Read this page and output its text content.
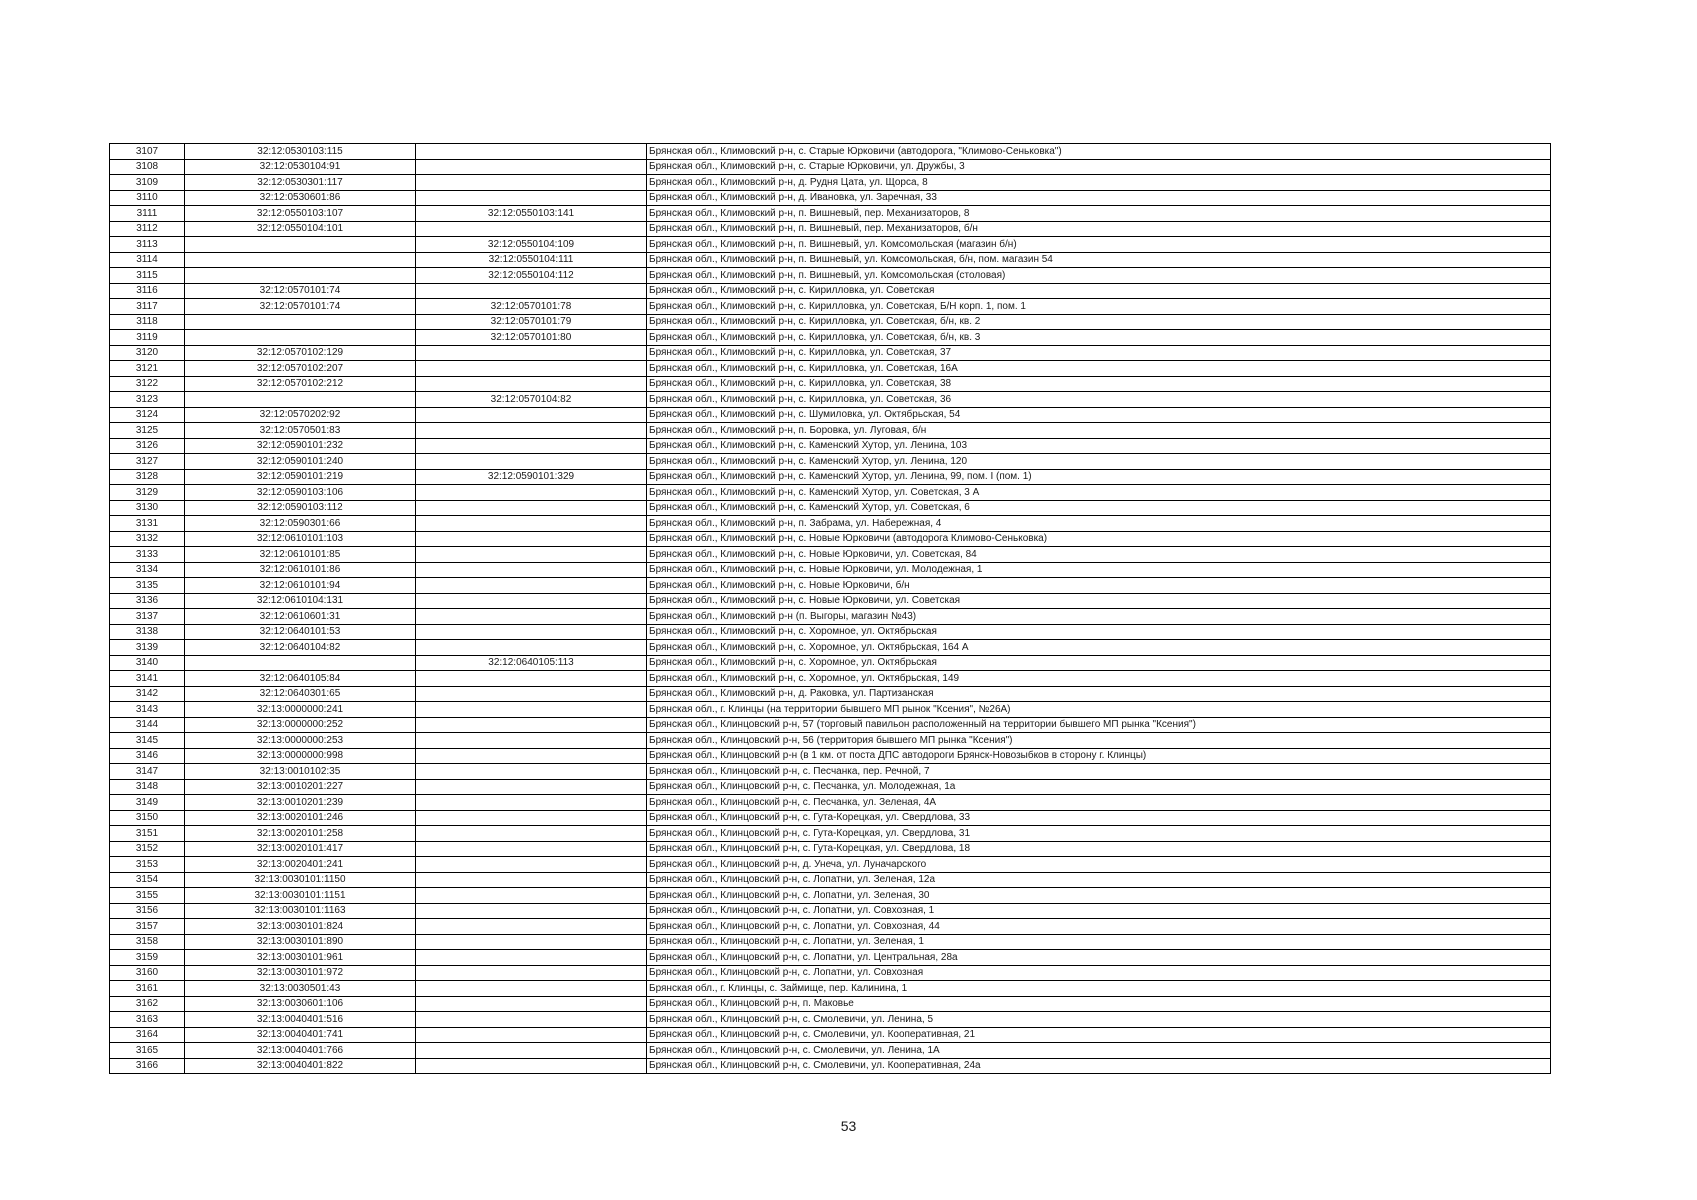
3107	32:12:0530103:115		Брянская обл., Климовский р-н, с. Старые Юрковичи (автодорога, "Климово-Сеньковка")
3108	32:12:0530104:91		Брянская обл., Климовский р-н, с. Старые Юрковичи, ул. Дружбы, 3
3109	32:12:0530301:117		Брянская обл., Климовский р-н, д. Рудня Цата, ул. Щорса, 8
3110	32:12:0530601:86		Брянская обл., Климовский р-н, д. Ивановка, ул. Заречная, 33
3111	32:12:0550103:107	32:12:0550103:141	Брянская обл., Климовский р-н, п. Вишневый, пер. Механизаторов, 8
3112	32:12:0550104:101		Брянская обл., Климовский р-н, п. Вишневый, пер. Механизаторов, б/н
3113		32:12:0550104:109	Брянская обл., Климовский р-н, п. Вишневый, ул. Комсомольская (магазин б/н)
3114		32:12:0550104:111	Брянская обл., Климовский р-н, п. Вишневый, ул. Комсомольская, б/н, пом. магазин 54
3115		32:12:0550104:112	Брянская обл., Климовский р-н, п. Вишневый, ул. Комсомольская (столовая)
3116	32:12:0570101:74		Брянская обл., Климовский р-н, с. Кирилловка, ул. Советская
3117	32:12:0570101:74	32:12:0570101:78	Брянская обл., Климовский р-н, с. Кирилловка, ул. Советская, Б/Н корп. 1, пом. 1
3118		32:12:0570101:79	Брянская обл., Климовский р-н, с. Кирилловка, ул. Советская, б/н, кв. 2
3119		32:12:0570101:80	Брянская обл., Климовский р-н, с. Кирилловка, ул. Советская, б/н, кв. 3
3120	32:12:0570102:129		Брянская обл., Климовский р-н, с. Кирилловка, ул. Советская, 37
3121	32:12:0570102:207		Брянская обл., Климовский р-н, с. Кирилловка, ул. Советская, 16А
3122	32:12:0570102:212		Брянская обл., Климовский р-н, с. Кирилловка, ул. Советская, 38
3123		32:12:0570104:82	Брянская обл., Климовский р-н, с. Кирилловка, ул. Советская, 36
3124	32:12:0570202:92		Брянская обл., Климовский р-н, с. Шумиловка, ул. Октябрьская, 54
3125	32:12:0570501:83		Брянская обл., Климовский р-н, п. Боровка, ул. Луговая, б/н
3126	32:12:0590101:232		Брянская обл., Климовский р-н, с. Каменский Хутор, ул. Ленина, 103
3127	32:12:0590101:240		Брянская обл., Климовский р-н, с. Каменский Хутор, ул. Ленина, 120
3128	32:12:0590101:219	32:12:0590101:329	Брянская обл., Климовский р-н, с. Каменский Хутор, ул. Ленина, 99, пом. I (пом. 1)
3129	32:12:0590103:106		Брянская обл., Климовский р-н, с. Каменский Хутор, ул. Советская, 3 А
3130	32:12:0590103:112		Брянская обл., Климовский р-н, с. Каменский Хутор, ул. Советская, 6
3131	32:12:0590301:66		Брянская обл., Климовский р-н, п. Забрама, ул. Набережная, 4
3132	32:12:0610101:103		Брянская обл., Климовский р-н, с. Новые Юрковичи (автодорога Климово-Сеньковка)
3133	32:12:0610101:85		Брянская обл., Климовский р-н, с. Новые Юрковичи, ул. Советская, 84
3134	32:12:0610101:86		Брянская обл., Климовский р-н, с. Новые Юрковичи, ул. Молодежная, 1
3135	32:12:0610101:94		Брянская обл., Климовский р-н, с. Новые Юрковичи, б/н
3136	32:12:0610104:131		Брянская обл., Климовский р-н, с. Новые Юрковичи, ул. Советская
3137	32:12:0610601:31		Брянская обл., Климовский р-н (п. Выгоры, магазин №43)
3138	32:12:0640101:53		Брянская обл., Климовский р-н, с. Хоромное, ул. Октябрьская
3139	32:12:0640104:82		Брянская обл., Климовский р-н, с. Хоромное, ул. Октябрьская, 164 А
3140		32:12:0640105:113	Брянская обл., Климовский р-н, с. Хоромное, ул. Октябрьская
3141	32:12:0640105:84		Брянская обл., Климовский р-н, с. Хоромное, ул. Октябрьская, 149
3142	32:12:0640301:65		Брянская обл., Климовский р-н, д. Раковка, ул. Партизанская
3143	32:13:0000000:241		Брянская обл., г. Клинцы (на территории бывшего МП рынок "Ксения", №26А)
3144	32:13:0000000:252		Брянская обл., Клинцовский р-н, 57 (торговый павильон расположенный на территории бывшего МП рынка "Ксения")
3145	32:13:0000000:253		Брянская обл., Клинцовский р-н, 56 (территория бывшего МП рынка "Ксения")
3146	32:13:0000000:998		Брянская обл., Клинцовский р-н (в 1 км. от поста ДПС автодороги Брянск-Новозыбков в сторону г. Клинцы)
3147	32:13:0010102:35		Брянская обл., Клинцовский р-н, с. Песчанка, пер. Речной, 7
3148	32:13:0010201:227		Брянская обл., Клинцовский р-н, с. Песчанка, ул. Молодежная, 1а
3149	32:13:0010201:239		Брянская обл., Клинцовский р-н, с. Песчанка, ул. Зеленая, 4А
3150	32:13:0020101:246		Брянская обл., Клинцовский р-н, с. Гута-Корецкая, ул. Свердлова, 33
3151	32:13:0020101:258		Брянская обл., Клинцовский р-н, с. Гута-Корецкая, ул. Свердлова, 31
3152	32:13:0020101:417		Брянская обл., Клинцовский р-н, с. Гута-Корецкая, ул. Свердлова, 18
3153	32:13:0020401:241		Брянская обл., Клинцовский р-н, д. Унеча, ул. Луначарского
3154	32:13:0030101:1150		Брянская обл., Клинцовский р-н, с. Лопатни, ул. Зеленая, 12а
3155	32:13:0030101:1151		Брянская обл., Клинцовский р-н, с. Лопатни, ул. Зеленая, 30
3156	32:13:0030101:1163		Брянская обл., Клинцовский р-н, с. Лопатни, ул. Совхозная, 1
3157	32:13:0030101:824		Брянская обл., Клинцовский р-н, с. Лопатни, ул. Совхозная, 44
3158	32:13:0030101:890		Брянская обл., Клинцовский р-н, с. Лопатни, ул. Зеленая, 1
3159	32:13:0030101:961		Брянская обл., Клинцовский р-н, с. Лопатни, ул. Центральная, 28а
3160	32:13:0030101:972		Брянская обл., Клинцовский р-н, с. Лопатни, ул. Совхозная
3161	32:13:0030501:43		Брянская обл., г. Клинцы, с. Займище, пер. Калинина, 1
3162	32:13:0030601:106		Брянская обл., Клинцовский р-н, п. Маковье
3163	32:13:0040401:516		Брянская обл., Клинцовский р-н, с. Смолевичи, ул. Ленина, 5
3164	32:13:0040401:741		Брянская обл., Клинцовский р-н, с. Смолевичи, ул. Кооперативная, 21
3165	32:13:0040401:766		Брянская обл., Клинцовский р-н, с. Смолевичи, ул. Ленина, 1А
3166	32:13:0040401:822		Брянская обл., Клинцовский р-н, с. Смолевичи, ул. Кооперативная, 24а
53
